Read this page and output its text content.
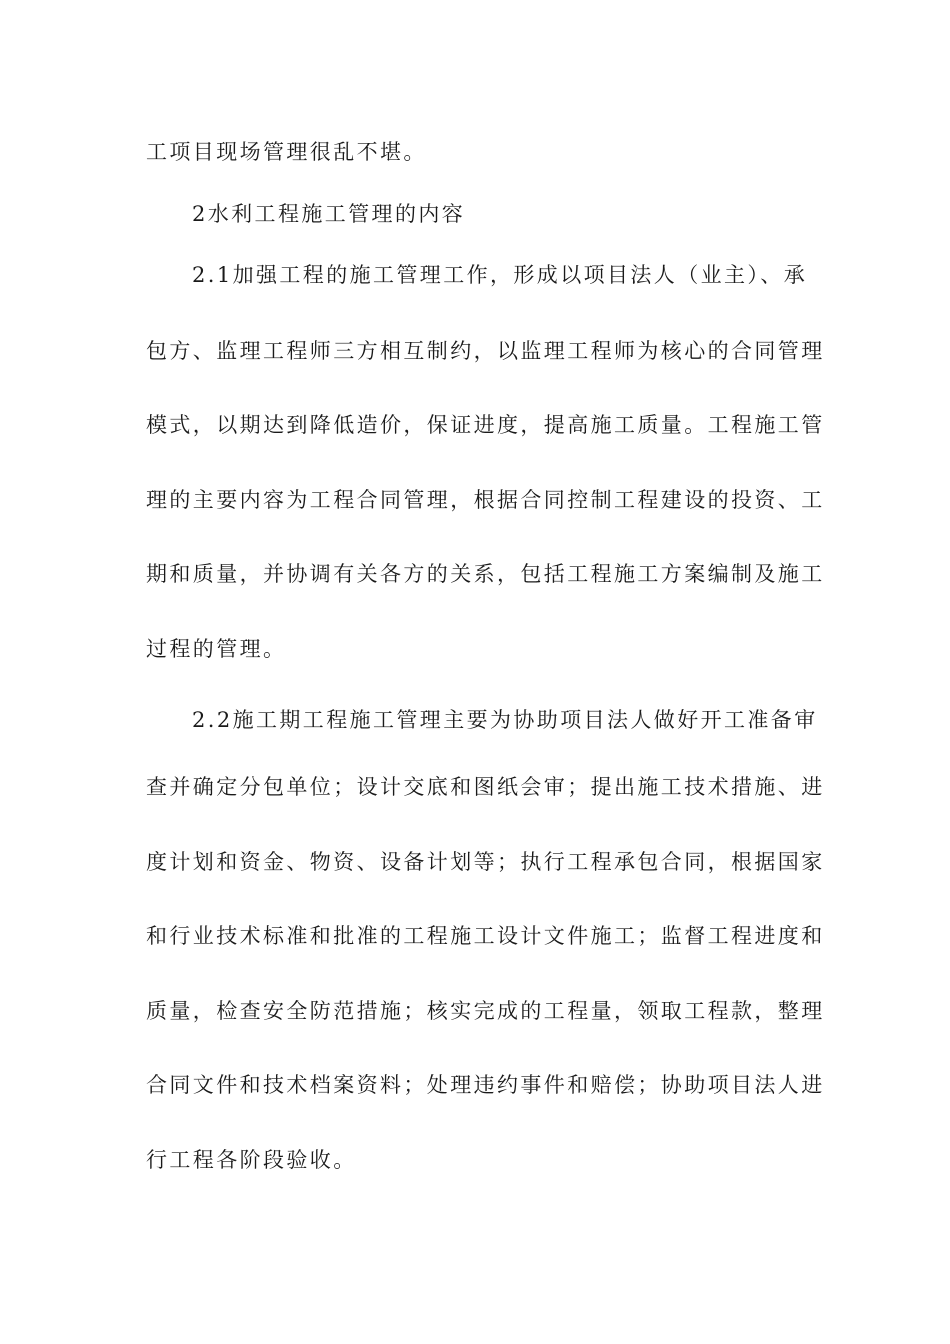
工项目现场管理很乱不堪。
2水利工程施工管理的内容
2.1加强工程的施工管理工作，形成以项目法人（业主）、承
包方、监理工程师三方相互制约，以监理工程师为核心的合同管理
模式，以期达到降低造价，保证进度，提高施工质量。工程施工管
理的主要内容为工程合同管理，根据合同控制工程建设的投资、工
期和质量，并协调有关各方的关系，包括工程施工方案编制及施工
过程的管理。
2.2施工期工程施工管理主要为协助项目法人做好开工准备审
查并确定分包单位；设计交底和图纸会审；提出施工技术措施、进
度计划和资金、物资、设备计划等；执行工程承包合同，根据国家
和行业技术标准和批准的工程施工设计文件施工；监督工程进度和
质量，检查安全防范措施；核实完成的工程量，领取工程款，整理
合同文件和技术档案资料；处理违约事件和赔偿；协助项目法人进
行工程各阶段验收。
